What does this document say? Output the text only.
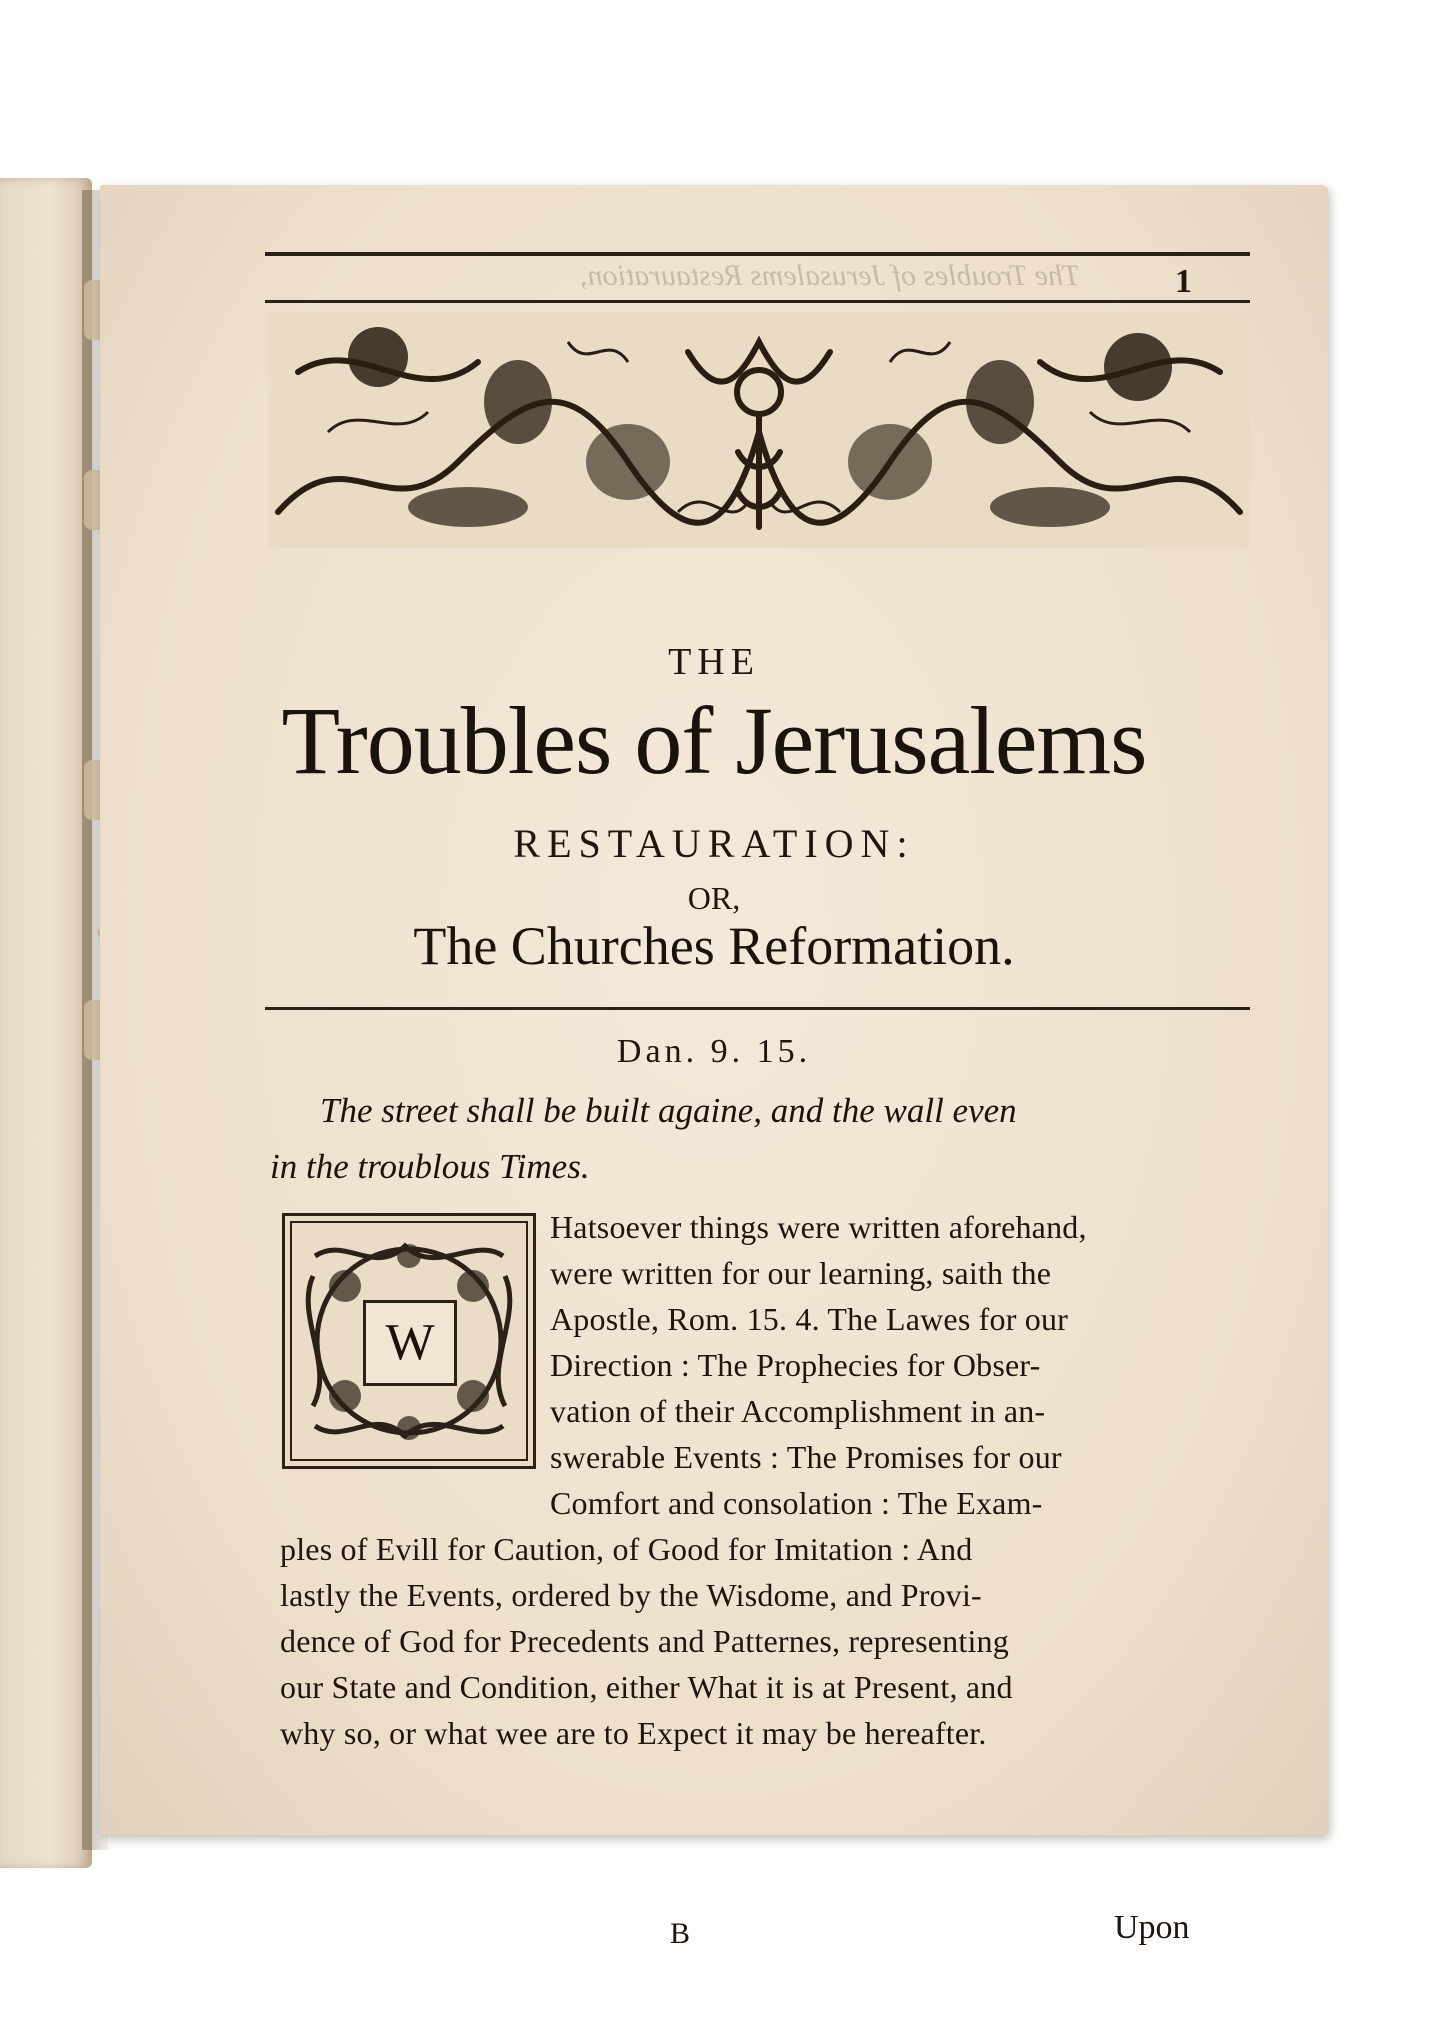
The Troubles of Jerusalems Restauration,	1
THE
Troubles of Jerusalems
RESTAURATION:
OR,
The Churches Reformation.
Dan. 9. 15.
The street shall be built againe, and the wall even
in the troublous Times.
W
Hatsoever things were written aforehand,
were written for our learning, saith the
Apostle, Rom. 15. 4. The Lawes for our
Direction : The Prophecies for Obser-
vation of their Accomplishment in an-
swerable Events : The Promises for our
Comfort and consolation : The Exam-
ples of Evill for Caution, of Good for Imitation : And
lastly the Events, ordered by the Wisdome, and Provi-
dence of God for Precedents and Patternes, representing
our State and Condition, either What it is at Present, and
why so, or what wee are to Expect it may be hereafter.
B	Upon
